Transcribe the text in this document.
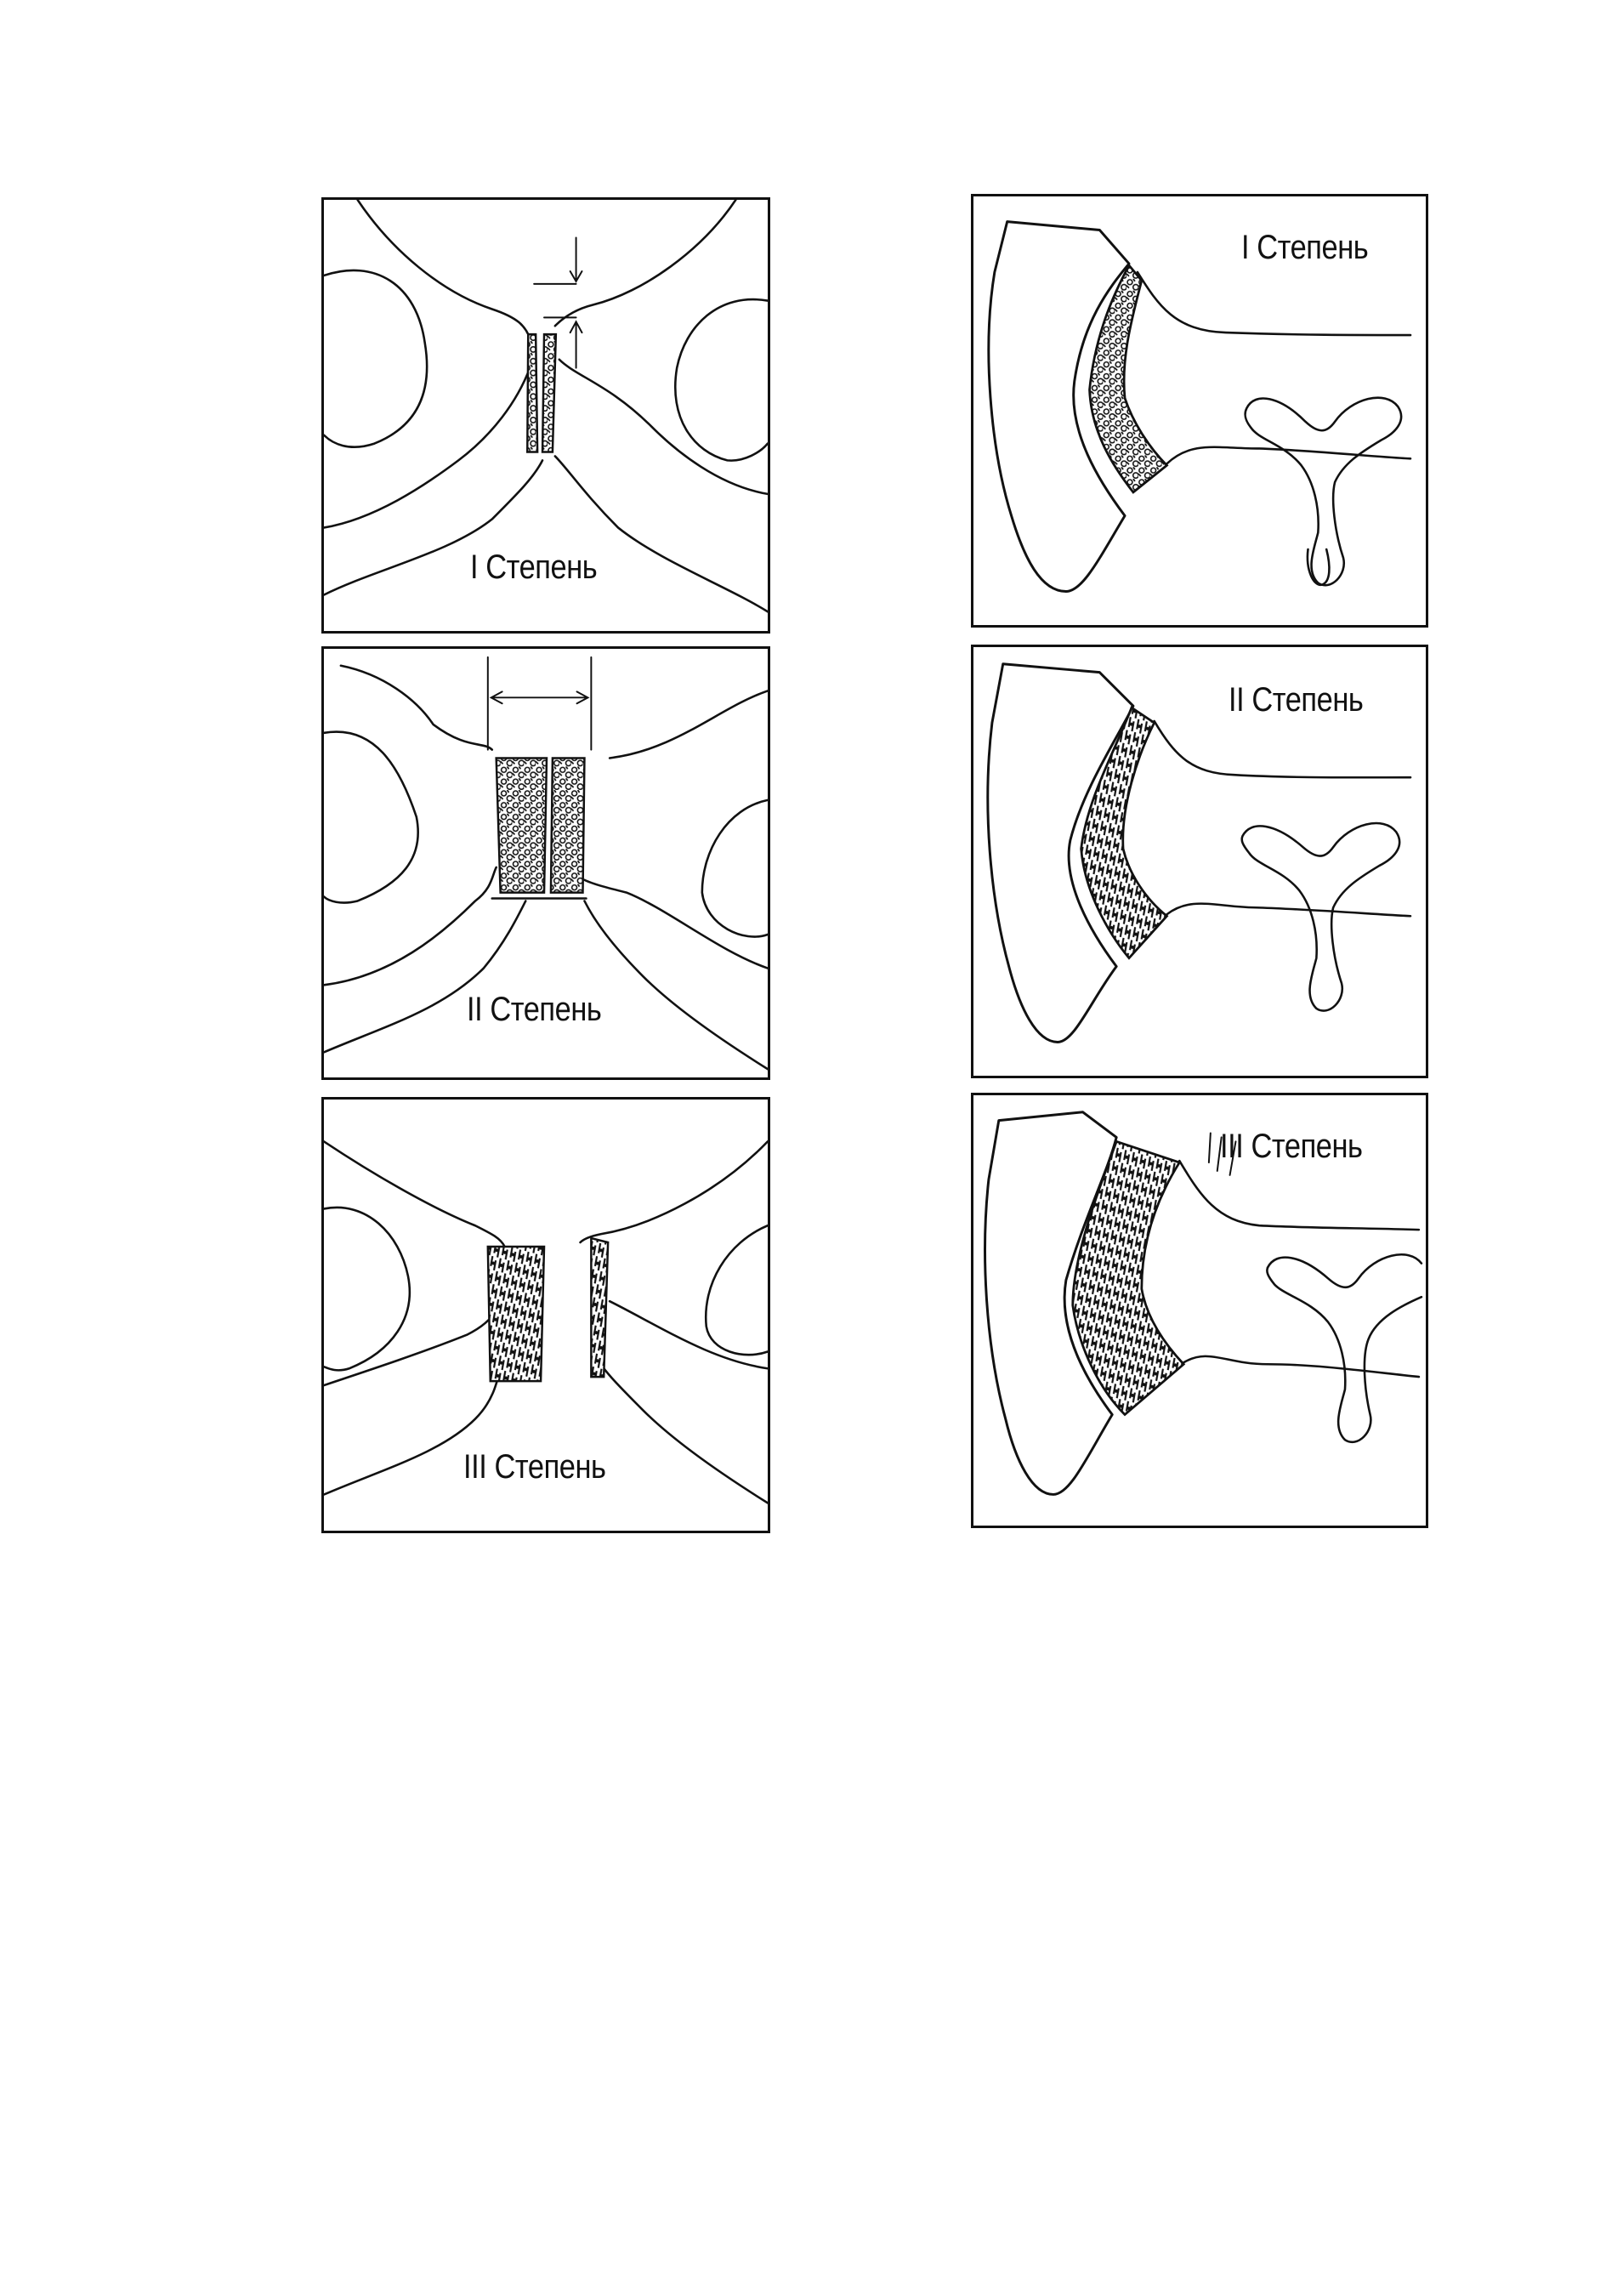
I Степень
II Степень
III Степень
I Степень
II Степень
III Степень
